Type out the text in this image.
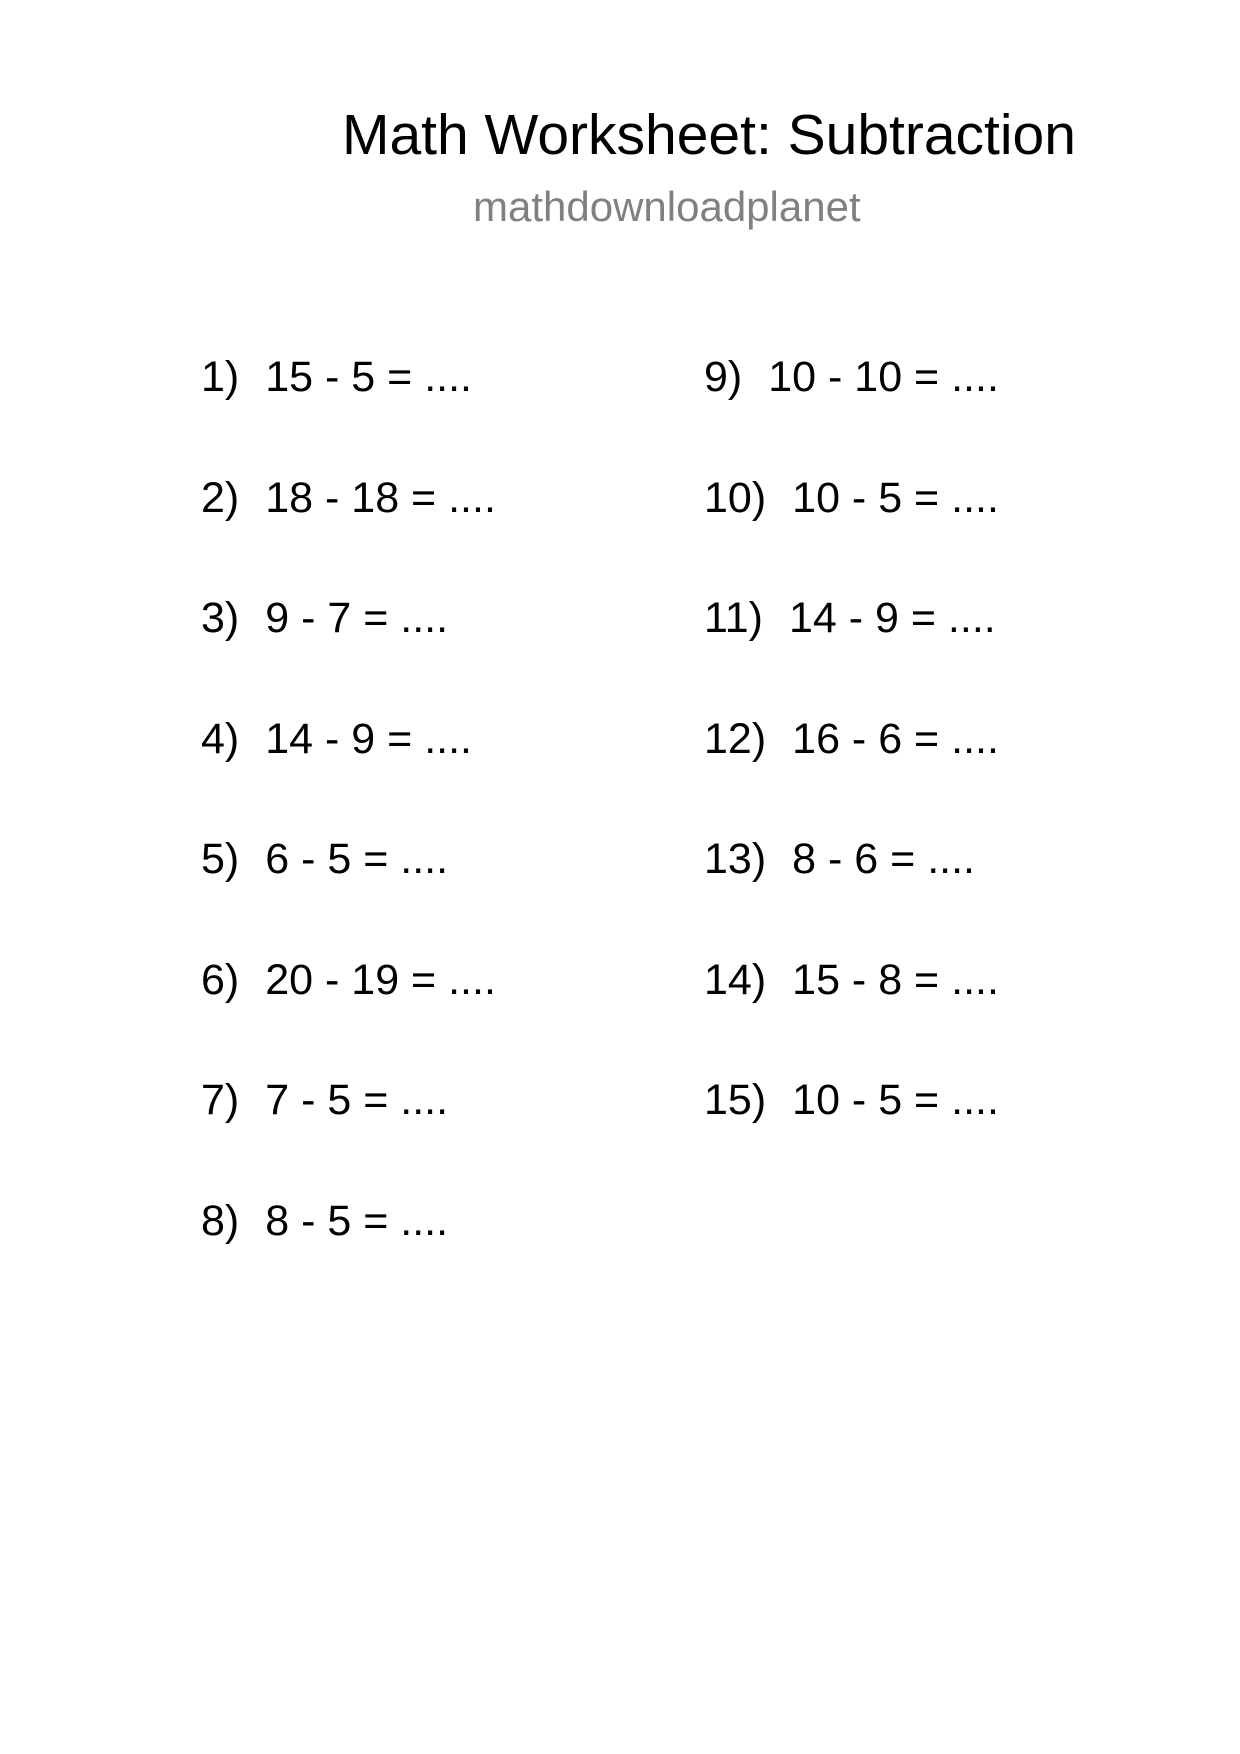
Math Worksheet: Subtraction
mathdownloadplanet
1) 15 - 5 = ....
2) 18 - 18 = ....
3) 9 - 7 = ....
4) 14 - 9 = ....
5) 6 - 5 = ....
6) 20 - 19 = ....
7) 7 - 5 = ....
8) 8 - 5 = ....
9) 10 - 10 = ....
10) 10 - 5 = ....
11) 14 - 9 = ....
12) 16 - 6 = ....
13) 8 - 6 = ....
14) 15 - 8 = ....
15) 10 - 5 = ....
